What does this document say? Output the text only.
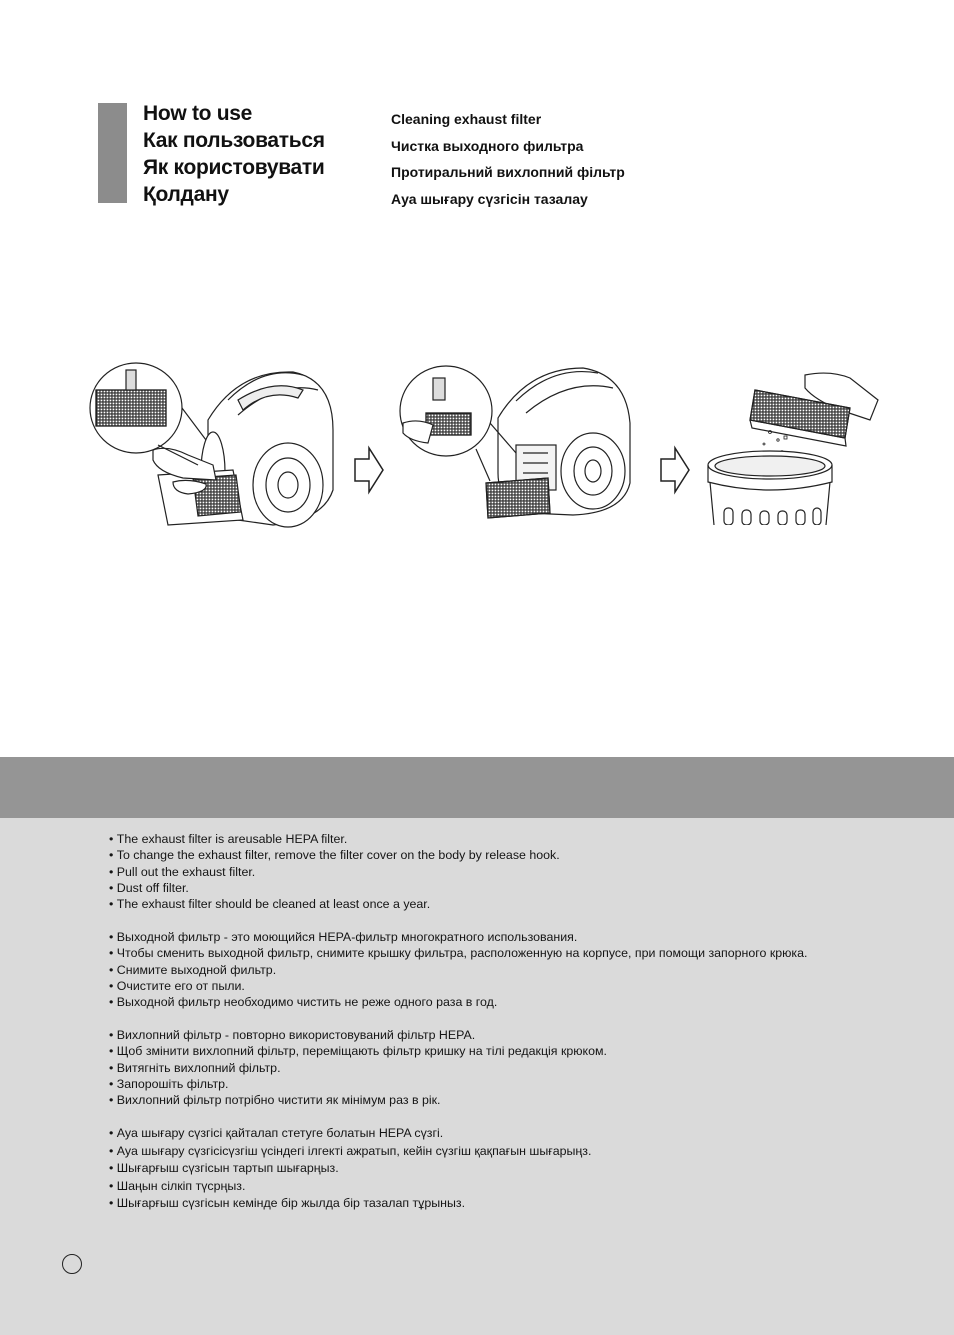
How to use
Как пользоваться
Як користовувати
Қолдану
Cleaning exhaust filter
Чистка выходного фильтра
Протиральний вихлопний фільтр
Ауа шығару сүзгісін тазалау
• The exhaust filter is areusable HEPA filter.
• To change the exhaust filter, remove the filter cover on the body by release hook.
• Pull out the exhaust filter.
• Dust off filter.
• The exhaust filter should be cleaned at least once a year.
• Выходной фильтр - это моющийся HEPA-фильтр многократного использования.
• Чтобы сменить выходной фильтр, снимите крышку фильтра, расположенную на корпусе, при помощи запорного крюка.
• Снимите выходной фильтр.
• Очистите его от пыли.
• Выходной фильтр необходимо чистить не реже одного раза в год.
• Вихлопний фільтр - повторно використовуваний фільтр HEPA.
• Щоб змінити вихлопний фільтр, переміщають фільтр кришку на тілі редакція крюком.
• Витягніть вихлопний фільтр.
• Запорошіть фільтр.
• Вихлопний фільтр потрібно чистити як мінімум раз в рік.
• Ауа шығару сүзгісі қайталап стетуге болатын HEPA сүзгі.
• Ауа шығару сүзгісісүзгіш үсіндегі ілгекті ажратып, кейін сүзгіш қақпағын шығарыңз.
• Шығарғыш сүзгісын тартып шығарңыз.
• Шаңын сілкіп түсрңыз.
• Шығарғыш сүзгісын кемінде бір жылда бір тазалап тұрыныз.
